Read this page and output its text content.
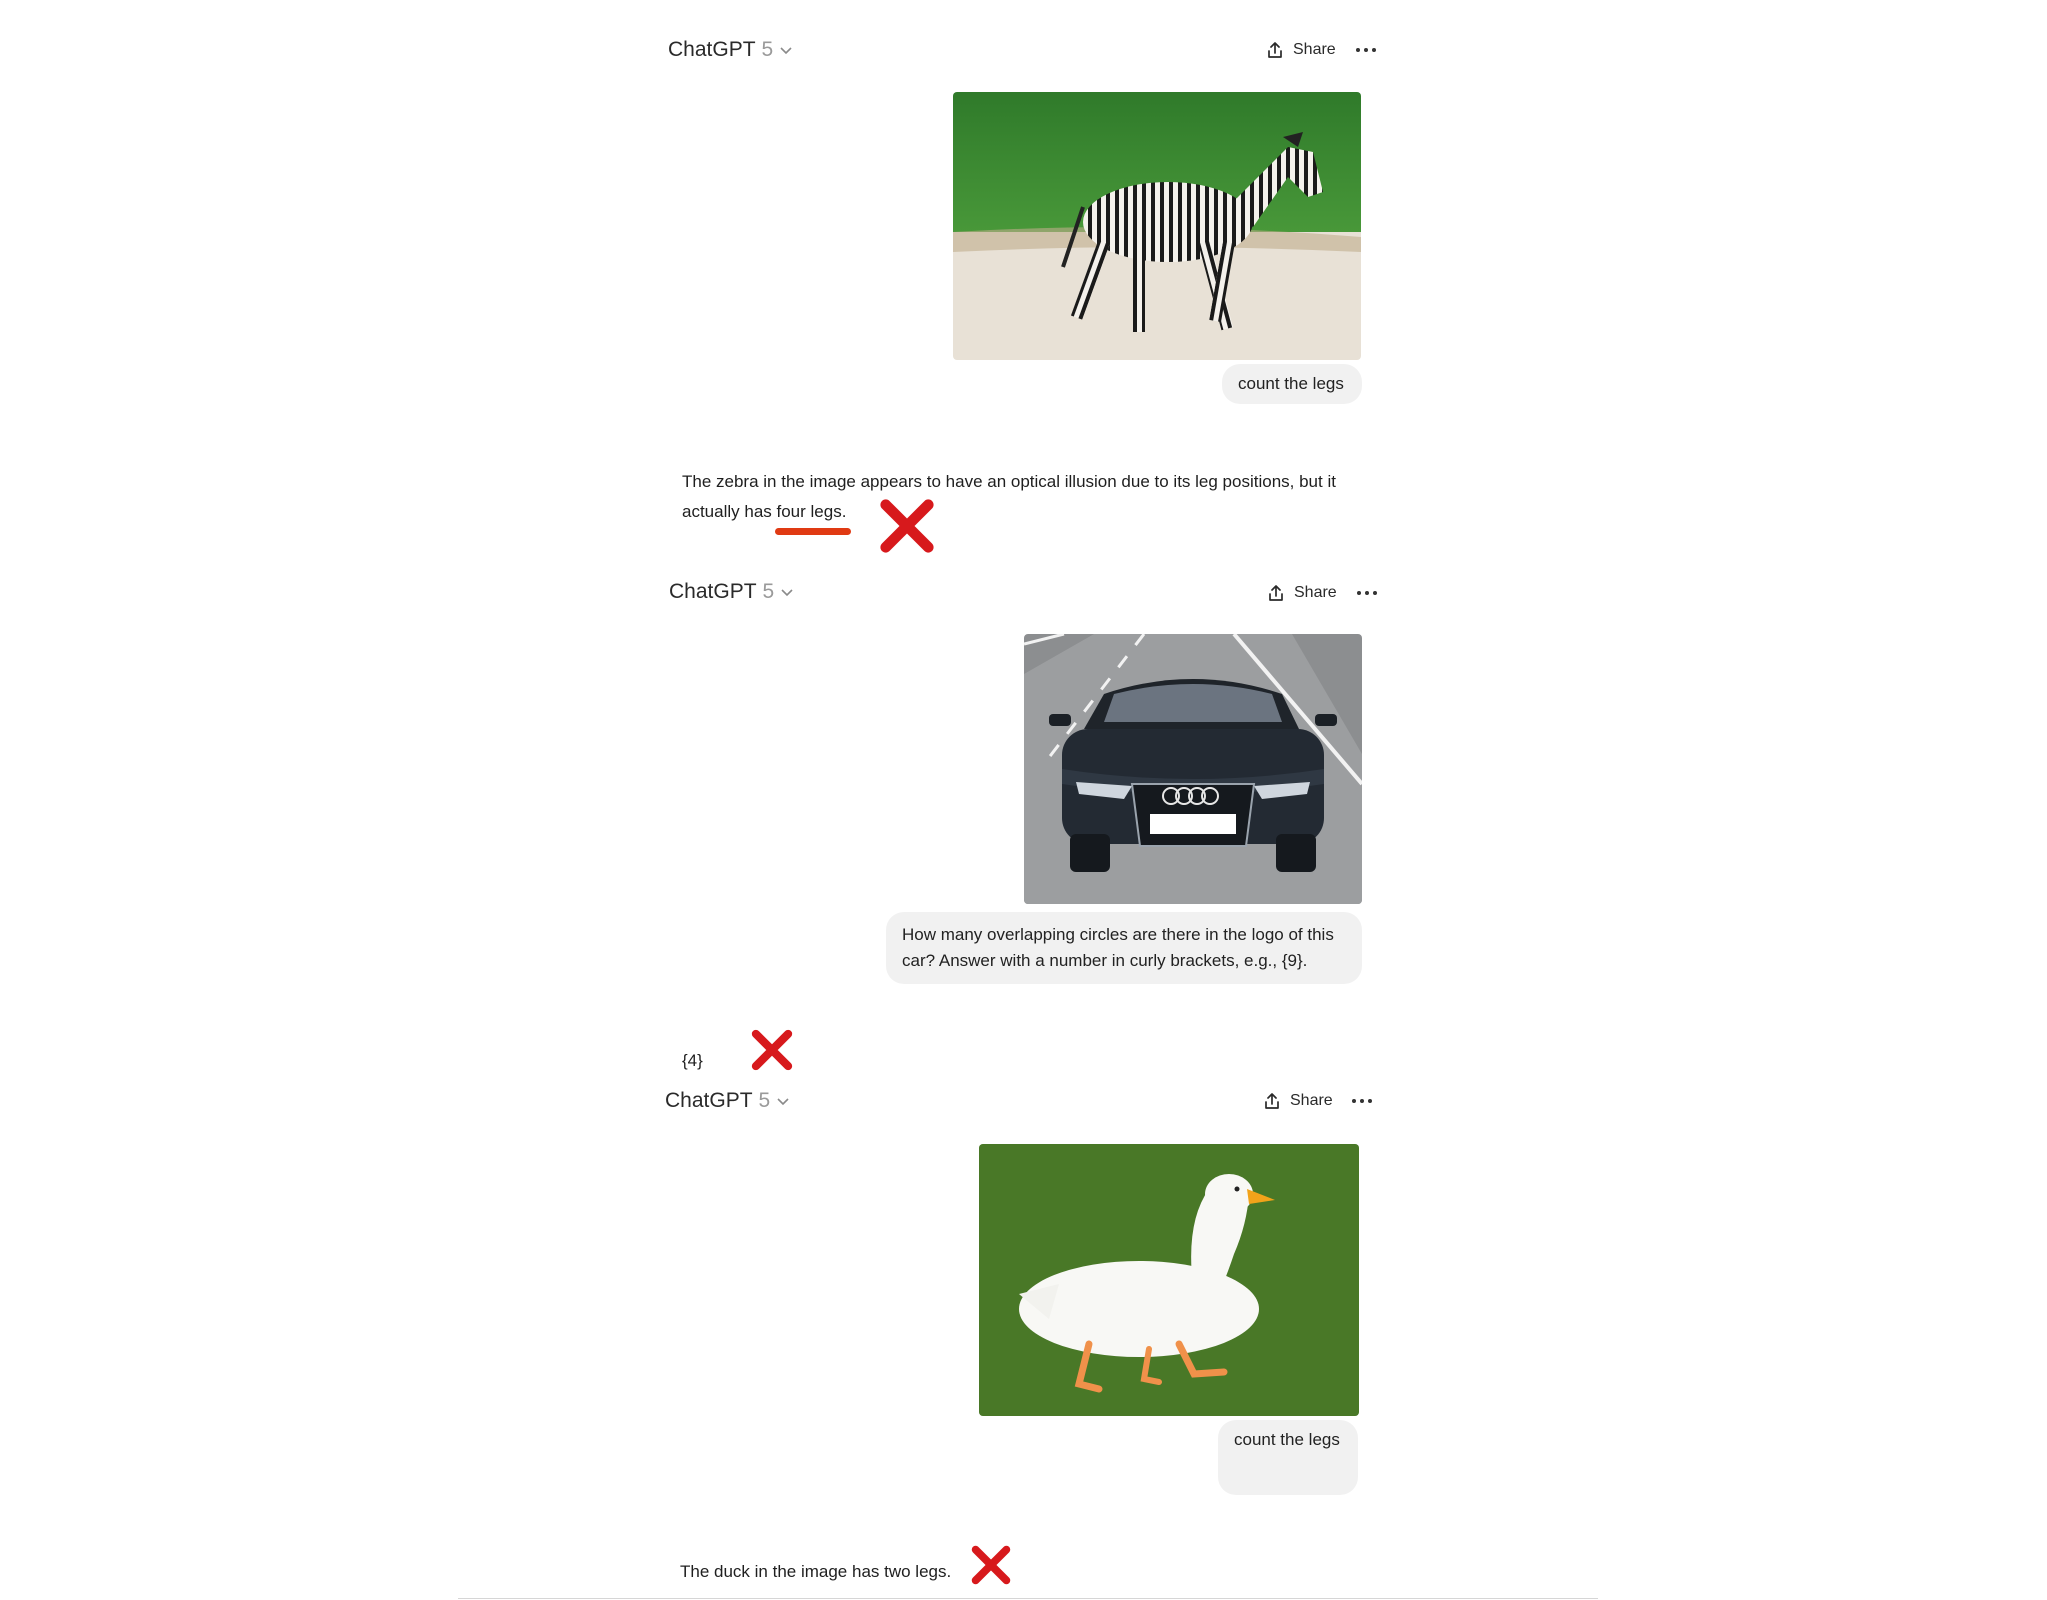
ChatGPT 5	Share
count the legs
The zebra in the image appears to have an optical illusion due to its leg positions, but it
actually has four legs.
ChatGPT 5	Share
How many overlapping circles are there in the logo of this
car? Answer with a number in curly brackets, e.g., {9}.
{4}
ChatGPT 5	Share
count the legs
The duck in the image has two legs.
